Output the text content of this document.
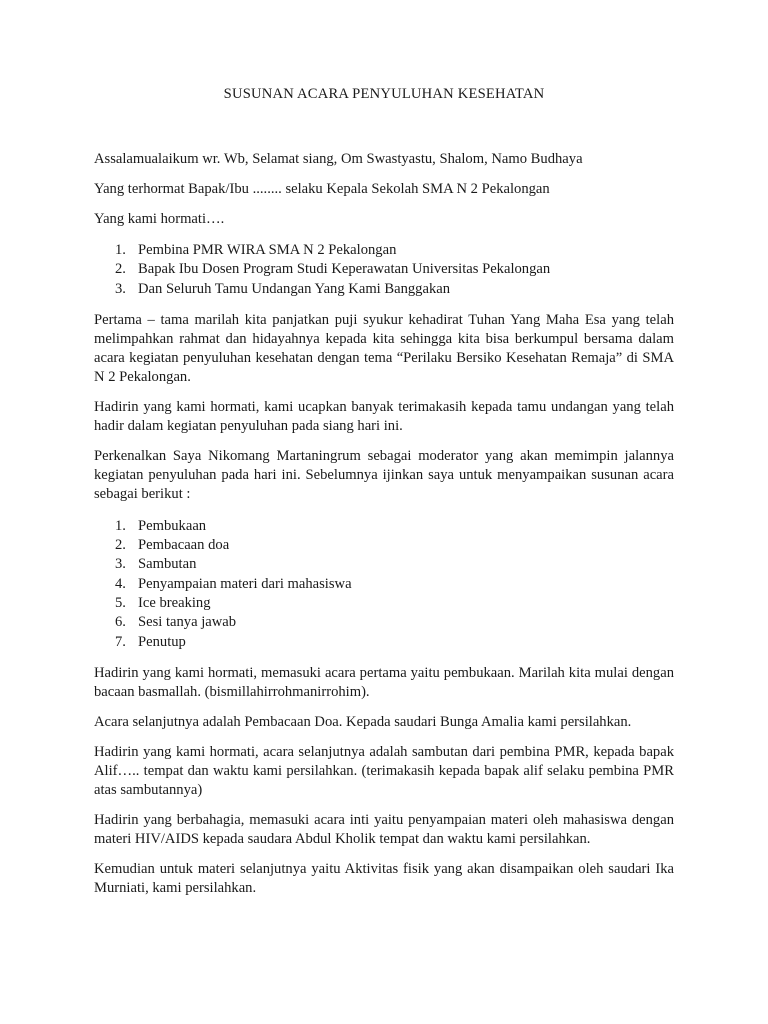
SUSUNAN ACARA PENYULUHAN KESEHATAN

Assalamualaikum wr. Wb, Selamat siang, Om Swastyastu, Shalom, Namo Budhaya

Yang terhormat Bapak/Ibu ........ selaku Kepala Sekolah SMA N 2 Pekalongan

Yang kami hormati….

1. Pembina PMR WIRA SMA N 2 Pekalongan
2. Bapak Ibu Dosen Program Studi Keperawatan Universitas Pekalongan
3. Dan Seluruh Tamu Undangan Yang Kami Banggakan

Pertama – tama marilah kita panjatkan puji syukur kehadirat Tuhan Yang Maha Esa yang telah melimpahkan rahmat dan hidayahnya kepada kita sehingga kita bisa berkumpul bersama dalam acara kegiatan penyuluhan kesehatan dengan tema “Perilaku Bersiko Kesehatan Remaja” di SMA N 2 Pekalongan.

Hadirin yang kami hormati, kami ucapkan banyak terimakasih kepada tamu undangan yang telah hadir dalam kegiatan penyuluhan pada siang hari ini.

Perkenalkan Saya Nikomang Martaningrum sebagai moderator yang akan memimpin jalannya kegiatan penyuluhan pada hari ini. Sebelumnya ijinkan saya untuk menyampaikan susunan acara sebagai berikut :

1. Pembukaan
2. Pembacaan doa
3. Sambutan
4. Penyampaian materi dari mahasiswa
5. Ice breaking
6. Sesi tanya jawab
7. Penutup

Hadirin yang kami hormati, memasuki acara pertama yaitu pembukaan. Marilah kita mulai dengan bacaan basmallah. (bismillahirrohmanirrohim).

Acara selanjutnya adalah Pembacaan Doa. Kepada saudari Bunga Amalia kami persilahkan.

Hadirin yang kami hormati, acara selanjutnya adalah sambutan dari pembina PMR, kepada bapak Alif….. tempat dan waktu kami persilahkan. (terimakasih kepada bapak alif selaku pembina PMR atas sambutannya)

Hadirin yang berbahagia, memasuki acara inti yaitu penyampaian materi oleh mahasiswa dengan materi HIV/AIDS kepada saudara Abdul Kholik tempat dan waktu kami persilahkan.

Kemudian untuk materi selanjutnya yaitu Aktivitas fisik yang akan disampaikan oleh saudari Ika Murniati, kami persilahkan.
